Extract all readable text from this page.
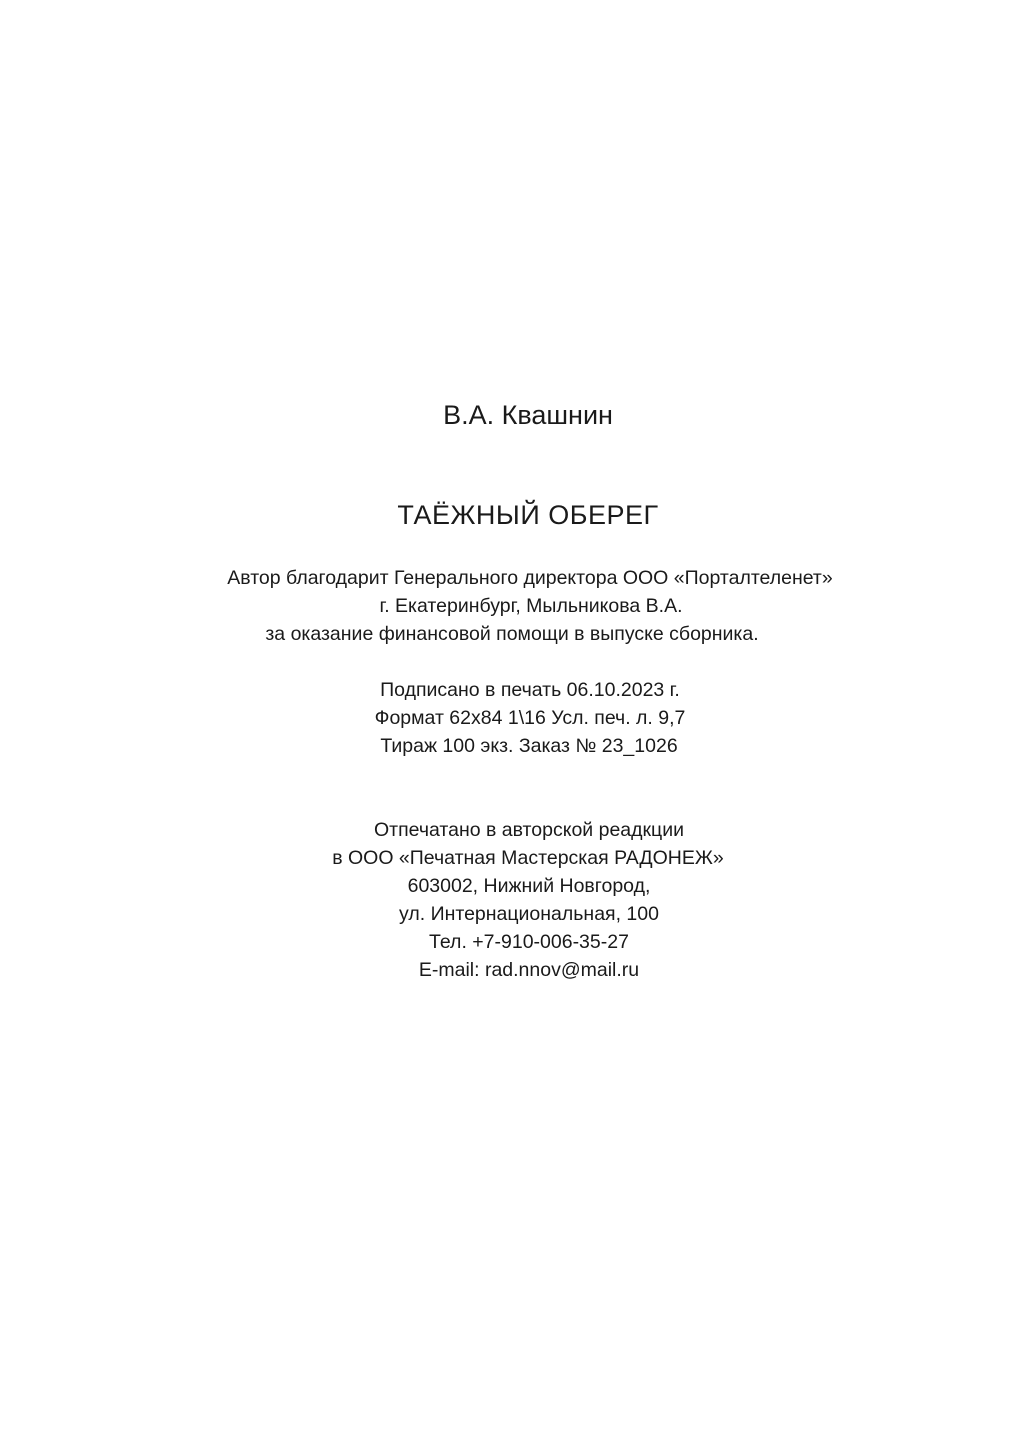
В.А. Квашнин
ТАЁЖНЫЙ ОБЕРЕГ
Автор благодарит Генерального директора ООО «Порталтеленет»
г. Екатеринбург, Мыльникова В.А.
за оказание финансовой помощи в выпуске сборника.
Подписано в печать 06.10.2023 г.
Формат 62х84 1\16 Усл. печ. л. 9,7
Тираж 100 экз. Заказ № 23_1026
Отпечатано в авторской реадкции
в ООО «Печатная Мастерская РАДОНЕЖ»
603002, Нижний Новгород,
ул. Интернациональная, 100
Тел. +7-910-006-35-27
E-mail: rad.nnov@mail.ru
